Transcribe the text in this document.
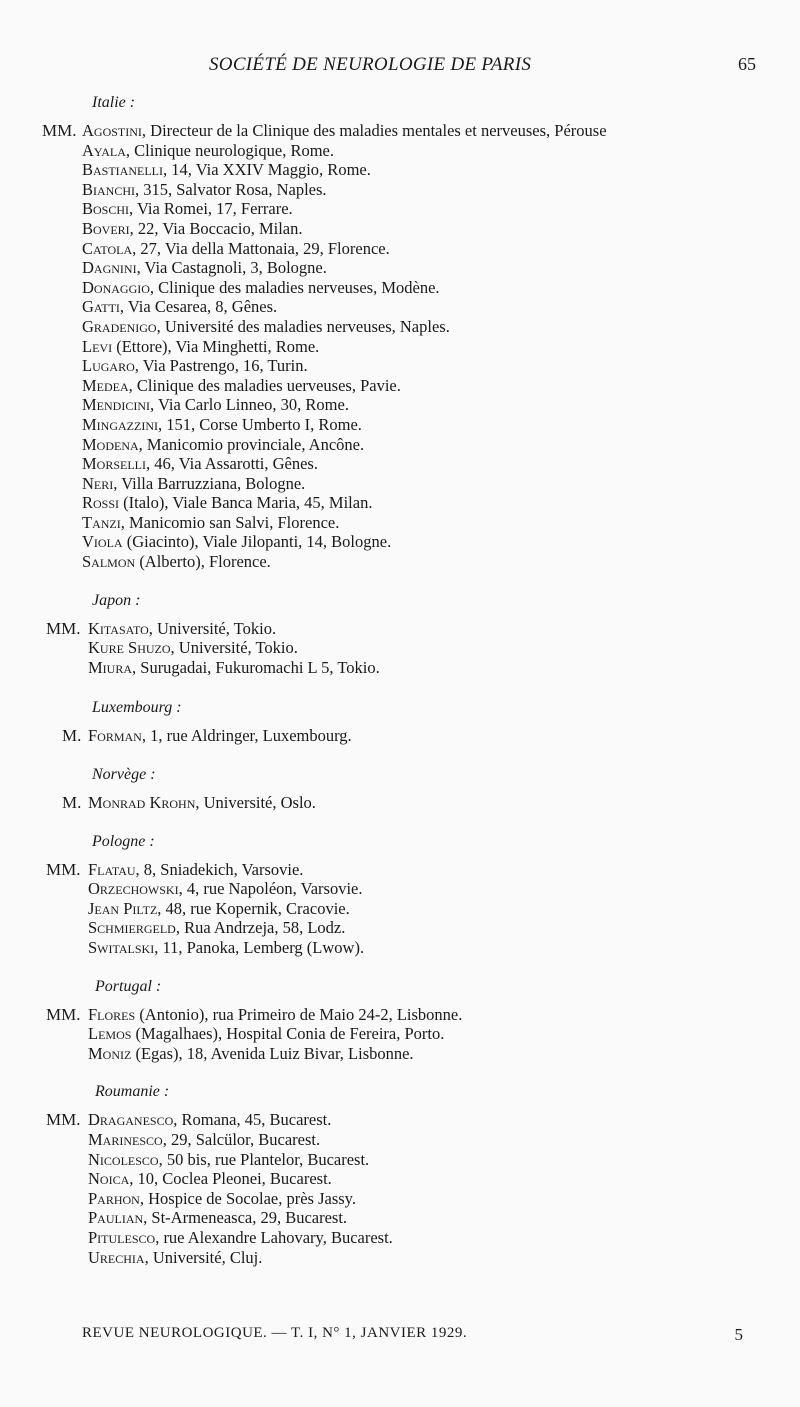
SOCIÉTÉ DE NEUROLOGIE DE PARIS	65
Italie :
MM. Agostini, Directeur de la Clinique des maladies mentales et nerveuses, Pérouse
Ayala, Clinique neurologique, Rome.
Bastianelli, 14, Via XXIV Maggio, Rome.
Bianchi, 315, Salvator Rosa, Naples.
Boschi, Via Romei, 17, Ferrare.
Boveri, 22, Via Boccacio, Milan.
Catola, 27, Via della Mattonaia, 29, Florence.
Dagnini, Via Castagnoli, 3, Bologne.
Donaggio, Clinique des maladies nerveuses, Modène.
Gatti, Via Cesarea, 8, Gênes.
Gradenigo, Université des maladies nerveuses, Naples.
Levi (Ettore), Via Minghetti, Rome.
Lugaro, Via Pastrengo, 16, Turin.
Medea, Clinique des maladies uerveuses, Pavie.
Mendicini, Via Carlo Linneo, 30, Rome.
Mingazzini, 151, Corse Umberto I, Rome.
Modena, Manicomio provinciale, Ancône.
Morselli, 46, Via Assarotti, Gênes.
Neri, Villa Barruzziana, Bologne.
Rossi (Italo), Viale Banca Maria, 45, Milan.
Tanzi, Manicomio san Salvi, Florence.
Viola (Giacinto), Viale Jilopanti, 14, Bologne.
Salmon (Alberto), Florence.
Japon :
MM. Kitasato, Université, Tokio.
Kure Shuzo, Université, Tokio.
Miura, Surugadai, Fukuromachi L 5, Tokio.
Luxembourg :
M. Forman, 1, rue Aldringer, Luxembourg.
Norvège :
M. Monrad Krohn, Université, Oslo.
Pologne :
MM. Flatau, 8, Sniadekich, Varsovie.
Orzechowski, 4, rue Napoléon, Varsovie.
Jean Piltz, 48, rue Kopernik, Cracovie.
Schmiergeld, Rua Andrzeja, 58, Lodz.
Switalski, 11, Panoka, Lemberg (Lwow).
Portugal :
MM. Flores (Antonio), rua Primeiro de Maio 24-2, Lisbonne.
Lemos (Magalhaes), Hospital Conia de Fereira, Porto.
Moniz (Egas), 18, Avenida Luiz Bivar, Lisbonne.
Roumanie :
MM. Draganesco, Romana, 45, Bucarest.
Marinesco, 29, Salcülor, Bucarest.
Nicolesco, 50 bis, rue Plantelor, Bucarest.
Noica, 10, Coclea Pleonei, Bucarest.
Parhon, Hospice de Socolae, près Jassy.
Paulian, St-Armeneasca, 29, Bucarest.
Pitulesco, rue Alexandre Lahovary, Bucarest.
Urechia, Université, Cluj.
REVUE NEUROLOGIQUE. — T. I, N° 1, JANVIER 1929.	5
